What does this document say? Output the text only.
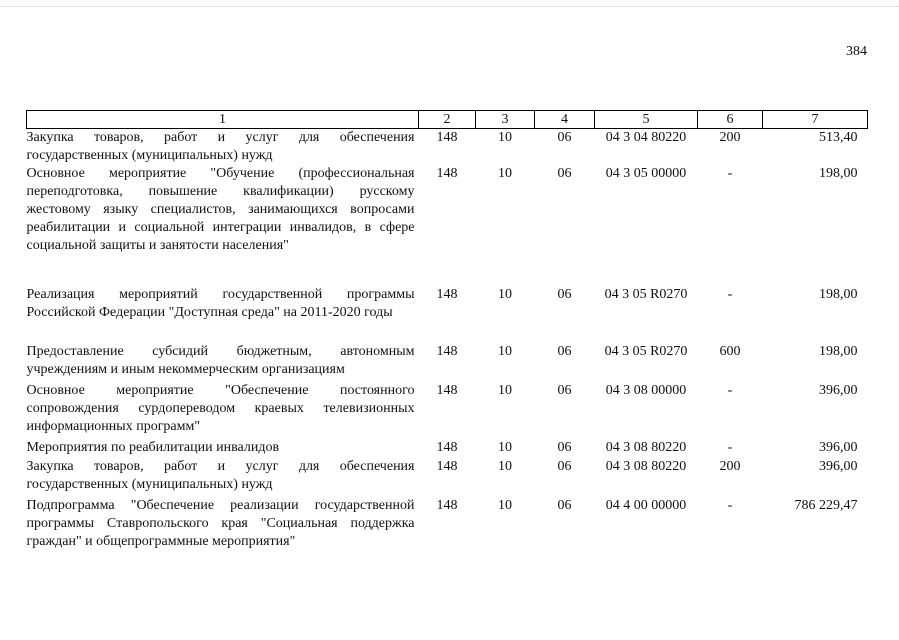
384
1	2	3	4	5	6	7
Закупка товаров, работ и услуг для обеспечения государственных (муниципальных) нужд	148	10	06	04 3 04 80220	200	513,40
Основное мероприятие "Обучение (профессиональная переподготовка, повышение квалификации) русскому жестовому языку специалистов, занимающихся вопросами реабилитации и социальной интеграции инвалидов, в сфере социальной защиты и занятости населения"	148	10	06	04 3 05 00000	-	198,00
Реализация мероприятий государственной программы Российской Федерации "Доступная среда" на 2011-2020 годы	148	10	06	04 3 05 R0270	-	198,00
Предоставление субсидий бюджетным, автономным учреждениям и иным некоммерческим организациям	148	10	06	04 3 05 R0270	600	198,00
Основное мероприятие "Обеспечение постоянного сопровождения сурдопереводом краевых телевизионных информационных программ"	148	10	06	04 3 08 00000	-	396,00
Мероприятия по реабилитации инвалидов	148	10	06	04 3 08 80220	-	396,00
Закупка товаров, работ и услуг для обеспечения государственных (муниципальных) нужд	148	10	06	04 3 08 80220	200	396,00
Подпрограмма "Обеспечение реализации государственной программы Ставропольского края "Социальная поддержка граждан" и общепрограммные мероприятия"	148	10	06	04 4 00 00000	-	786 229,47
